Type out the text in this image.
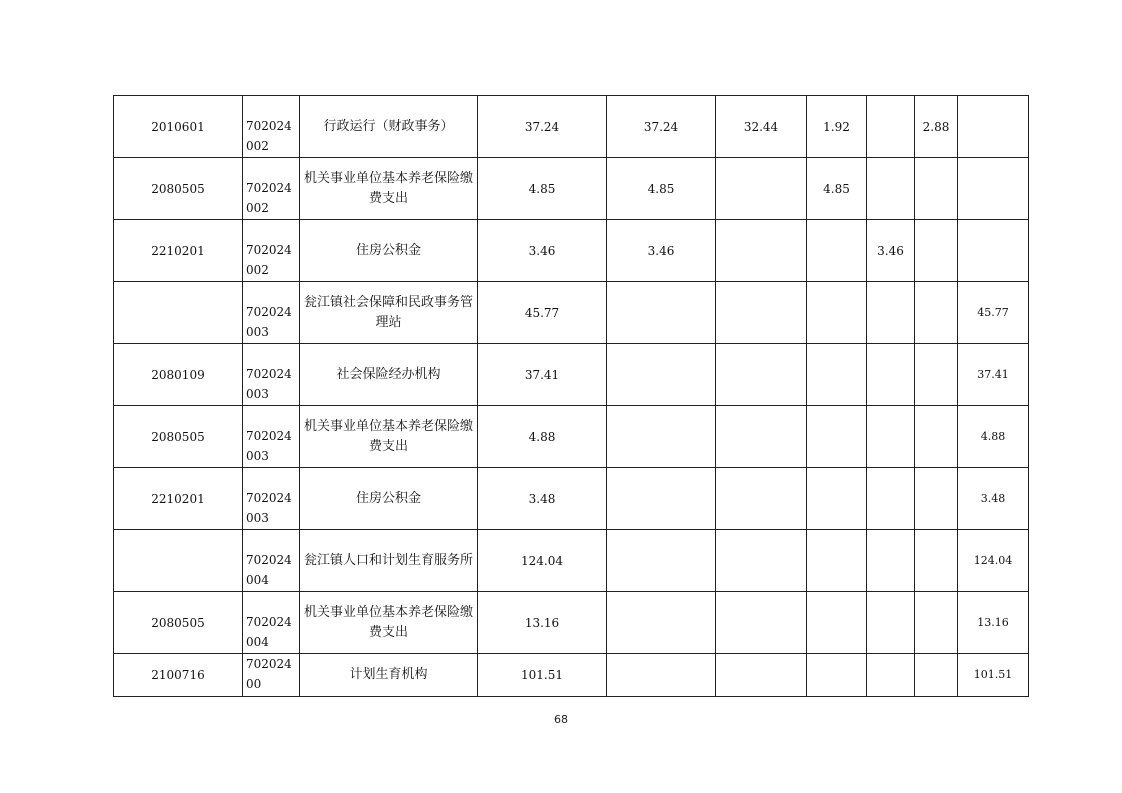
2010601	702024002	行政运行（财政事务）	37.24	37.24	32.44	1.92		2.88	
2080505	702024002	机关事业单位基本养老保险缴费支出	4.85	4.85		4.85			
2210201	702024002	住房公积金	3.46	3.46			3.46		
	702024003	瓮江镇社会保障和民政事务管理站	45.77						45.77
2080109	702024003	社会保险经办机构	37.41						37.41
2080505	702024003	机关事业单位基本养老保险缴费支出	4.88						4.88
2210201	702024003	住房公积金	3.48						3.48
	702024004	瓮江镇人口和计划生育服务所	124.04						124.04
2080505	702024004	机关事业单位基本养老保险缴费支出	13.16						13.16
2100716	70202400	计划生育机构	101.51						101.51
68
